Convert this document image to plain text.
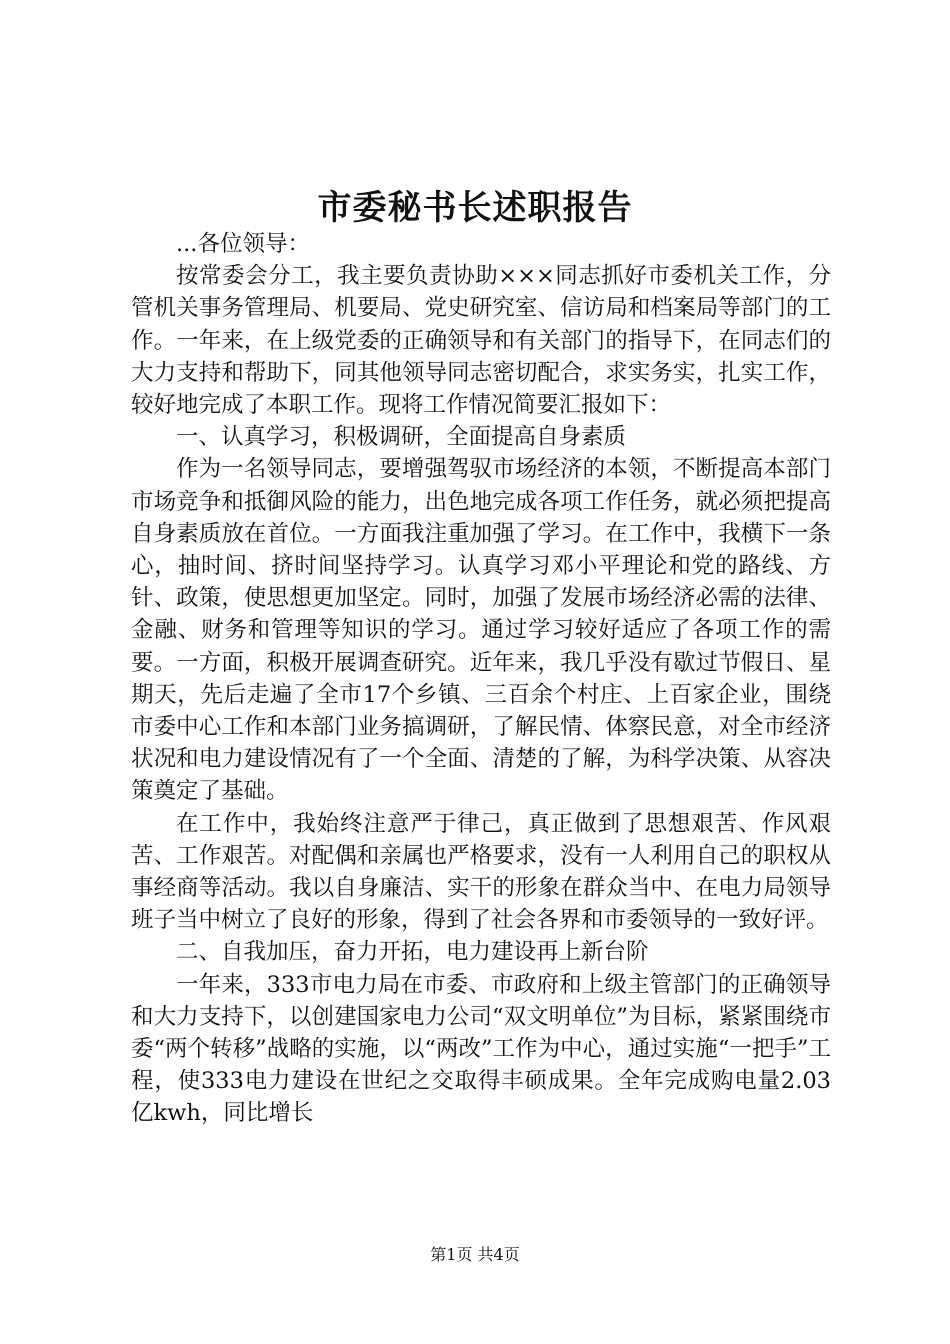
市委秘书长述职报告

...各位领导：

按常委会分工，我主要负责协助×××同志抓好市委机关工作，分管机关事务管理局、机要局、党史研究室、信访局和档案局等部门的工作。一年来，在上级党委的正确领导和有关部门的指导下，在同志们的大力支持和帮助下，同其他领导同志密切配合，求实务实，扎实工作，较好地完成了本职工作。现将工作情况简要汇报如下：

一、认真学习，积极调研，全面提高自身素质

作为一名领导同志，要增强驾驭市场经济的本领，不断提高本部门市场竞争和抵御风险的能力，出色地完成各项工作任务，就必须把提高自身素质放在首位。一方面我注重加强了学习。在工作中，我横下一条心，抽时间、挤时间坚持学习。认真学习邓小平理论和党的路线、方针、政策，使思想更加坚定。同时，加强了发展市场经济必需的法律、金融、财务和管理等知识的学习。通过学习较好适应了各项工作的需要。一方面，积极开展调查研究。近年来，我几乎没有歇过节假日、星期天，先后走遍了全市17个乡镇、三百余个村庄、上百家企业，围绕市委中心工作和本部门业务搞调研，了解民情、体察民意，对全市经济状况和电力建设情况有了一个全面、清楚的了解，为科学决策、从容决策奠定了基础。

在工作中，我始终注意严于律己，真正做到了思想艰苦、作风艰苦、工作艰苦。对配偶和亲属也严格要求，没有一人利用自己的职权从事经商等活动。我以自身廉洁、实干的形象在群众当中、在电力局领导班子当中树立了良好的形象，得到了社会各界和市委领导的一致好评。

二、自我加压，奋力开拓，电力建设再上新台阶

一年来，333市电力局在市委、市政府和上级主管部门的正确领导和大力支持下，以创建国家电力公司“双文明单位”为目标，紧紧围绕市委“两个转移”战略的实施，以“两改”工作为中心，通过实施“一把手”工程，使333电力建设在世纪之交取得丰硕成果。全年完成购电量2.03亿kwh，同比增长

第1页 共4页
